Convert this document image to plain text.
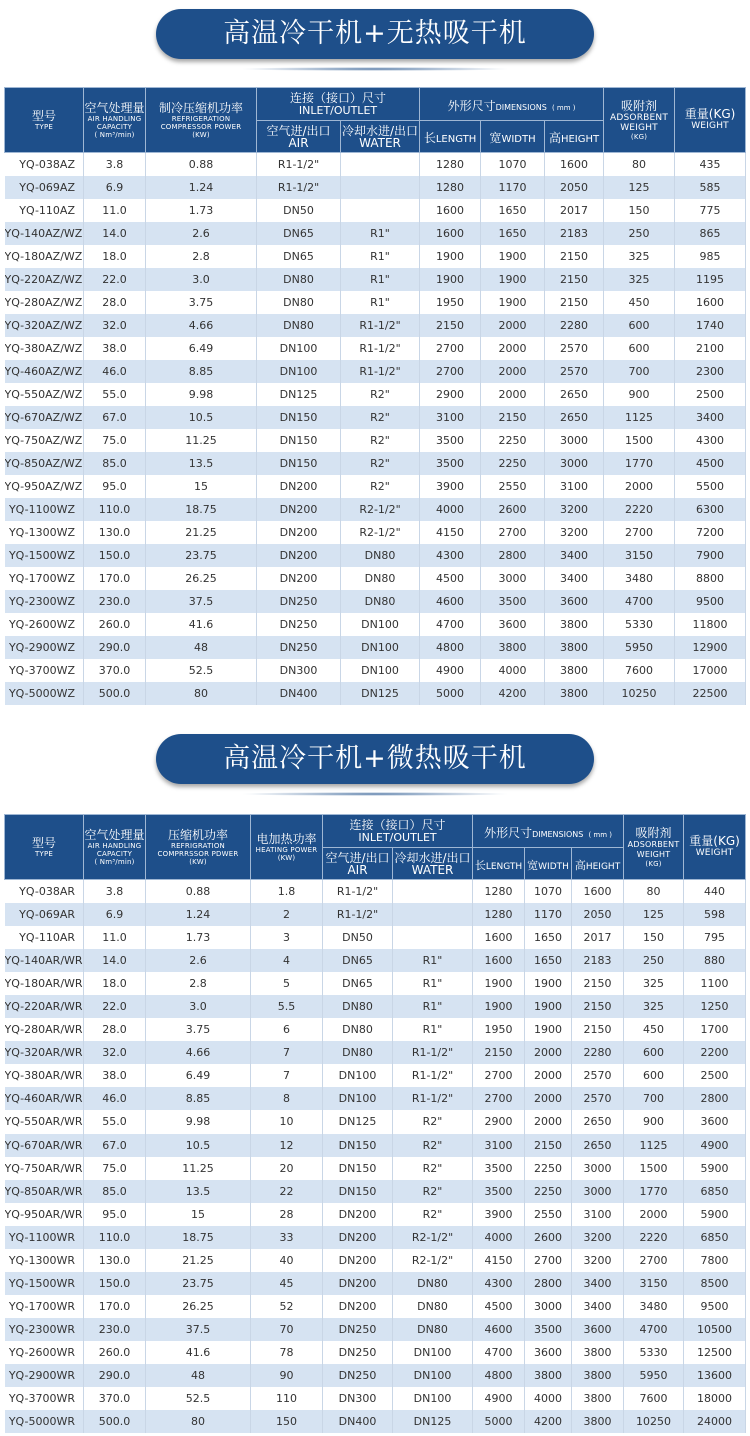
高温冷干机+无热吸干机
型号
TYPE	空气处理量
AIR HANDLING
CAPACITY
( Nm³/min)	制冷压缩机功率
REFRIGERATION
COMPRESSOR POWER
(KW)	连接（接口）尺寸
INLET/OUTLET		外形尺寸DIMENSIONS ( mm )			吸附剂
ADSORBENT
WEIGHT
(KG)	重量(KG)
WEIGHT

			空气进/出口
AIR	冷却水进/出口
WATER	长LENGTH	宽WIDTH	高HEIGHT		
YQ-038AZ	3.8	0.88	R1-1/2"		1280	1070	1600	80	435
YQ-069AZ	6.9	1.24	R1-1/2"		1280	1170	2050	125	585
YQ-110AZ	11.0	1.73	DN50		1600	1650	2017	150	775
YQ-140AZ/WZ	14.0	2.6	DN65	R1"	1600	1650	2183	250	865
YQ-180AZ/WZ	18.0	2.8	DN65	R1"	1900	1900	2150	325	985
YQ-220AZ/WZ	22.0	3.0	DN80	R1"	1900	1900	2150	325	1195
YQ-280AZ/WZ	28.0	3.75	DN80	R1"	1950	1900	2150	450	1600
YQ-320AZ/WZ	32.0	4.66	DN80	R1-1/2"	2150	2000	2280	600	1740
YQ-380AZ/WZ	38.0	6.49	DN100	R1-1/2"	2700	2000	2570	600	2100
YQ-460AZ/WZ	46.0	8.85	DN100	R1-1/2"	2700	2000	2570	700	2300
YQ-550AZ/WZ	55.0	9.98	DN125	R2"	2900	2000	2650	900	2500
YQ-670AZ/WZ	67.0	10.5	DN150	R2"	3100	2150	2650	1125	3400
YQ-750AZ/WZ	75.0	11.25	DN150	R2"	3500	2250	3000	1500	4300
YQ-850AZ/WZ	85.0	13.5	DN150	R2"	3500	2250	3000	1770	4500
YQ-950AZ/WZ	95.0	15	DN200	R2"	3900	2550	3100	2000	5500
YQ-1100WZ	110.0	18.75	DN200	R2-1/2"	4000	2600	3200	2220	6300
YQ-1300WZ	130.0	21.25	DN200	R2-1/2"	4150	2700	3200	2700	7200
YQ-1500WZ	150.0	23.75	DN200	DN80	4300	2800	3400	3150	7900
YQ-1700WZ	170.0	26.25	DN200	DN80	4500	3000	3400	3480	8800
YQ-2300WZ	230.0	37.5	DN250	DN80	4600	3500	3600	4700	9500
YQ-2600WZ	260.0	41.6	DN250	DN100	4700	3600	3800	5330	11800
YQ-2900WZ	290.0	48	DN250	DN100	4800	3800	3800	5950	12900
YQ-3700WZ	370.0	52.5	DN300	DN100	4900	4000	3800	7600	17000
YQ-5000WZ	500.0	80	DN400	DN125	5000	4200	3800	10250	22500
高温冷干机+微热吸干机
型号
TYPE	空气处理量
AIR HANDLING
CAPACITY
( Nm³/min)	压缩机功率
REFRIGRATION
COMPRRSSOR PDWER
(KW)	电加热功率
HEATING POWER
(KW)	连接（接口）尺寸
INLET/OUTLET		外形尺寸DIMENSIONS ( mm )			吸附剂
ADSORBENT
WEIGHT
(KG)	重量(KG)
WEIGHT

				空气进/出口
AIR	冷却水进/出口
WATER	长LENGTH	宽WIDTH	高HEIGHT		
YQ-038AR	3.8	0.88	1.8	R1-1/2"		1280	1070	1600	80	440
YQ-069AR	6.9	1.24	2	R1-1/2"		1280	1170	2050	125	598
YQ-110AR	11.0	1.73	3	DN50		1600	1650	2017	150	795
YQ-140AR/WR	14.0	2.6	4	DN65	R1"	1600	1650	2183	250	880
YQ-180AR/WR	18.0	2.8	5	DN65	R1"	1900	1900	2150	325	1100
YQ-220AR/WR	22.0	3.0	5.5	DN80	R1"	1900	1900	2150	325	1250
YQ-280AR/WR	28.0	3.75	6	DN80	R1"	1950	1900	2150	450	1700
YQ-320AR/WR	32.0	4.66	7	DN80	R1-1/2"	2150	2000	2280	600	2200
YQ-380AR/WR	38.0	6.49	7	DN100	R1-1/2"	2700	2000	2570	600	2500
YQ-460AR/WR	46.0	8.85	8	DN100	R1-1/2"	2700	2000	2570	700	2800
YQ-550AR/WR	55.0	9.98	10	DN125	R2"	2900	2000	2650	900	3600
YQ-670AR/WR	67.0	10.5	12	DN150	R2"	3100	2150	2650	1125	4900
YQ-750AR/WR	75.0	11.25	20	DN150	R2"	3500	2250	3000	1500	5900
YQ-850AR/WR	85.0	13.5	22	DN150	R2"	3500	2250	3000	1770	6850
YQ-950AR/WR	95.0	15	28	DN200	R2"	3900	2550	3100	2000	5900
YQ-1100WR	110.0	18.75	33	DN200	R2-1/2"	4000	2600	3200	2220	6850
YQ-1300WR	130.0	21.25	40	DN200	R2-1/2"	4150	2700	3200	2700	7800
YQ-1500WR	150.0	23.75	45	DN200	DN80	4300	2800	3400	3150	8500
YQ-1700WR	170.0	26.25	52	DN200	DN80	4500	3000	3400	3480	9500
YQ-2300WR	230.0	37.5	70	DN250	DN80	4600	3500	3600	4700	10500
YQ-2600WR	260.0	41.6	78	DN250	DN100	4700	3600	3800	5330	12500
YQ-2900WR	290.0	48	90	DN250	DN100	4800	3800	3800	5950	13600
YQ-3700WR	370.0	52.5	110	DN300	DN100	4900	4000	3800	7600	18000
YQ-5000WR	500.0	80	150	DN400	DN125	5000	4200	3800	10250	24000
